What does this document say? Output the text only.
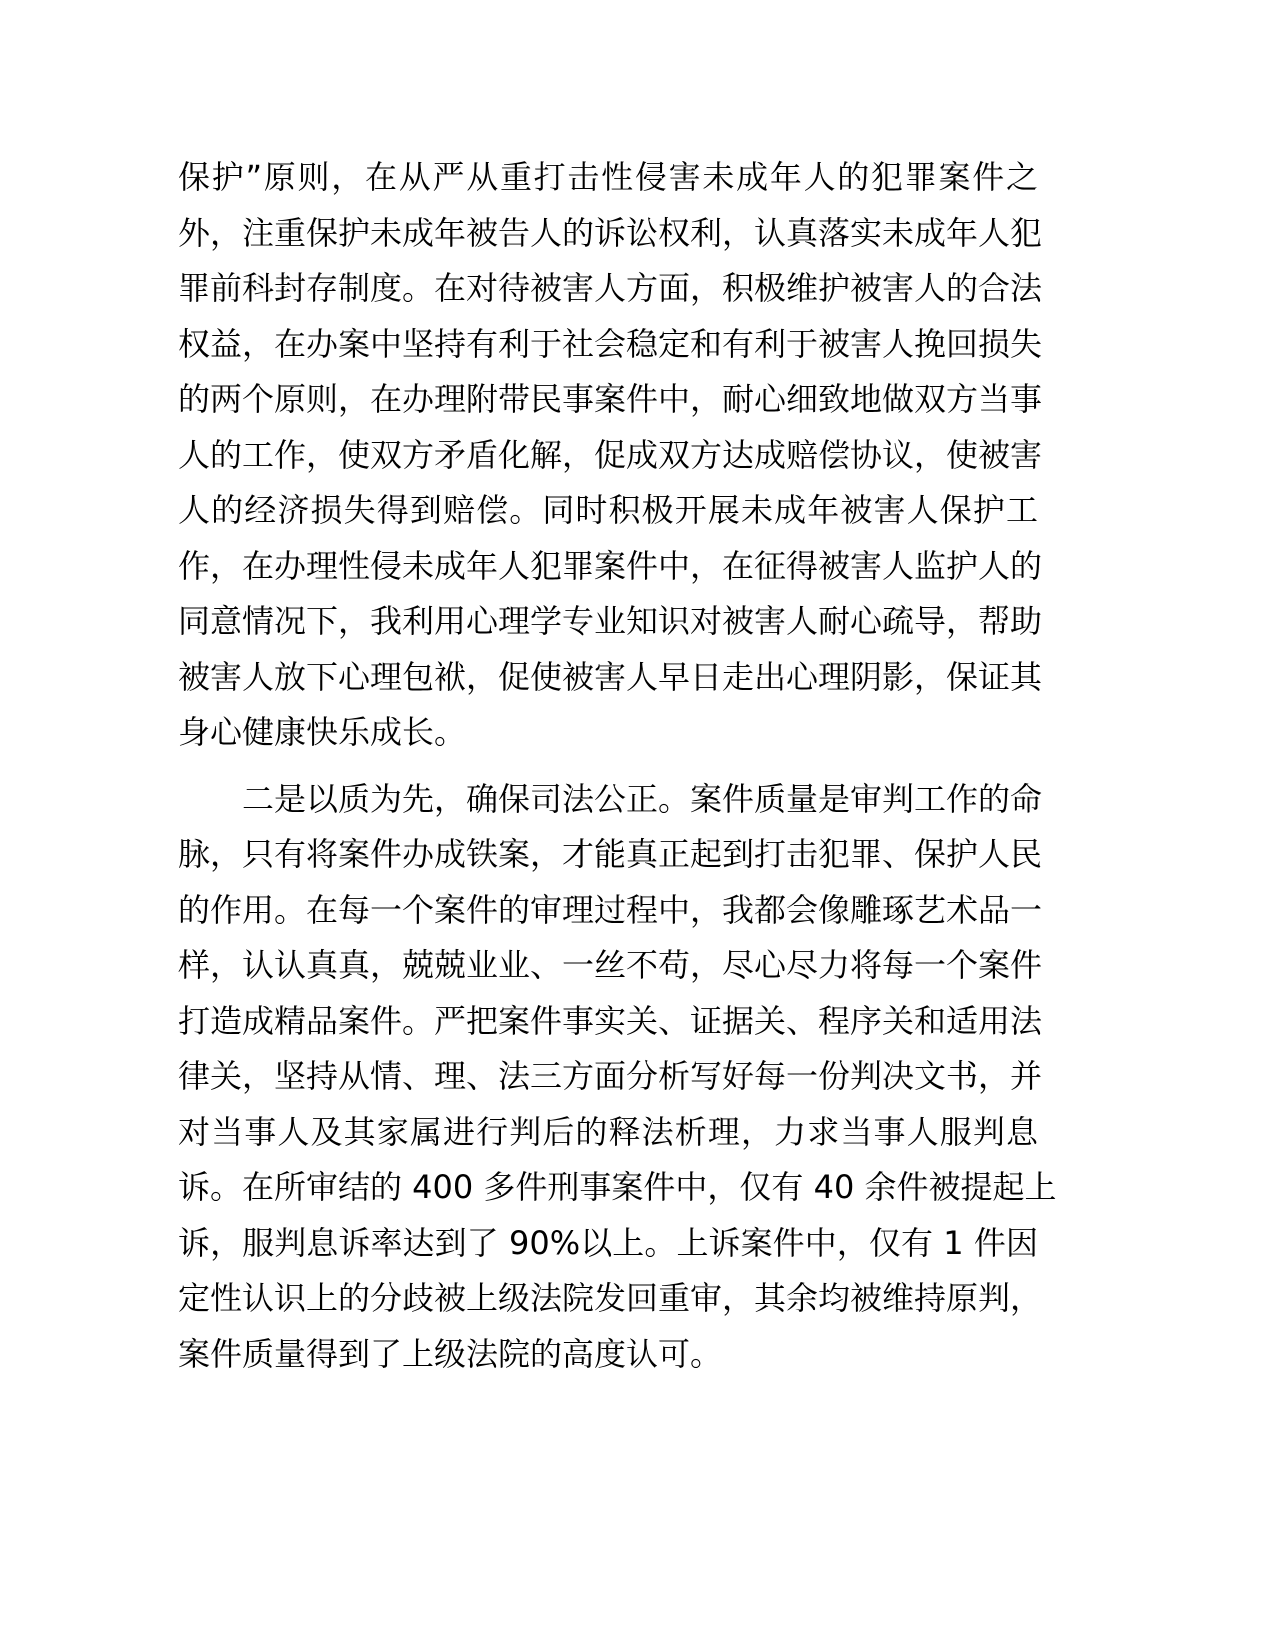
保护”原则，在从严从重打击性侵害未成年人的犯罪案件之
外，注重保护未成年被告人的诉讼权利，认真落实未成年人犯
罪前科封存制度。在对待被害人方面，积极维护被害人的合法
权益，在办案中坚持有利于社会稳定和有利于被害人挽回损失
的两个原则，在办理附带民事案件中，耐心细致地做双方当事
人的工作，使双方矛盾化解，促成双方达成赔偿协议，使被害
人的经济损失得到赔偿。同时积极开展未成年被害人保护工
作，在办理性侵未成年人犯罪案件中，在征得被害人监护人的
同意情况下，我利用心理学专业知识对被害人耐心疏导，帮助
被害人放下心理包袱，促使被害人早日走出心理阴影，保证其
身心健康快乐成长。
二是以质为先，确保司法公正。案件质量是审判工作的命
脉，只有将案件办成铁案，才能真正起到打击犯罪、保护人民
的作用。在每一个案件的审理过程中，我都会像雕琢艺术品一
样，认认真真，兢兢业业、一丝不苟，尽心尽力将每一个案件
打造成精品案件。严把案件事实关、证据关、程序关和适用法
律关，坚持从情、理、法三方面分析写好每一份判决文书，并
对当事人及其家属进行判后的释法析理，力求当事人服判息
诉。在所审结的 400 多件刑事案件中，仅有 40 余件被提起上
诉，服判息诉率达到了 90%以上。上诉案件中，仅有 1 件因
定性认识上的分歧被上级法院发回重审，其余均被维持原判，
案件质量得到了上级法院的高度认可。
